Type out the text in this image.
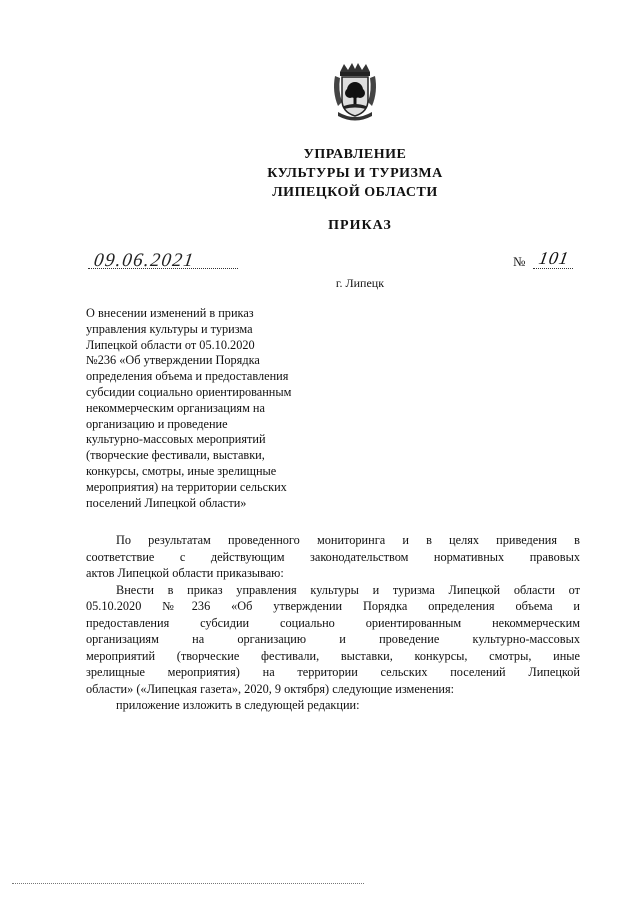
УПРАВЛЕНИЕ
КУЛЬТУРЫ И ТУРИЗМА
ЛИПЕЦКОЙ ОБЛАСТИ
ПРИКАЗ
09.06.2021	№ 101
г. Липецк
О внесении изменений в приказ
управления культуры и туризма
Липецкой области от 05.10.2020
№236 «Об утверждении Порядка
определения объема и предоставления
субсидии социально ориентированным
некоммерческим организациям на
организацию и проведение
культурно-массовых мероприятий
(творческие фестивали, выставки,
конкурсы, смотры, иные зрелищные
мероприятия) на территории сельских
поселений Липецкой области»
По результатам проведенного мониторинга и в целях приведения в
соответствие с действующим законодательством нормативных правовых
актов Липецкой области приказываю:
Внести в приказ управления культуры и туризма Липецкой области от
05.10.2020 №236 «Об утверждении Порядка определения объема и
предоставления субсидии социально ориентированным некоммерческим
организациям на организацию и проведение культурно-массовых
мероприятий (творческие фестивали, выставки, конкурсы, смотры, иные
зрелищные мероприятия) на территории сельских поселений Липецкой
области» («Липецкая газета», 2020, 9 октября) следующие изменения:
приложение изложить в следующей редакции:
